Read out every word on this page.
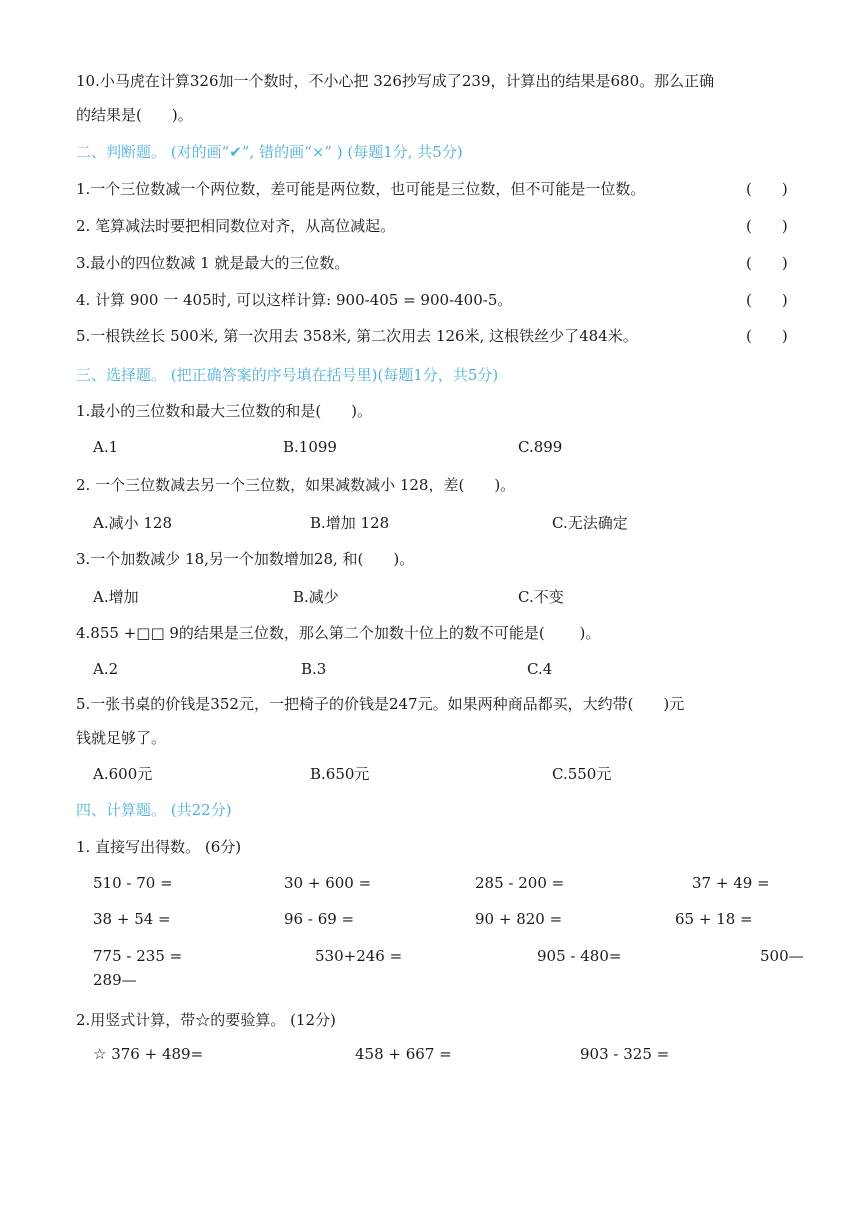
10.小马虎在计算326加一个数时，不小心把 326抄写成了239，计算出的结果是680。那么正确
的结果是(　　)。
二、判断题。 (对的画“✔”, 错的画“×” ) (每题1分, 共5分)
1.一个三位数减一个两位数，差可能是两位数，也可能是三位数，但不可能是一位数。	(　　)
2. 笔算减法时要把相同数位对齐，从高位减起。	(　　)
3.最小的四位数减 1 就是最大的三位数。	(　　)
4. 计算 900 一 405时, 可以这样计算: 900-405 = 900-400-5。	(　　)
5.一根铁丝长 500米, 第一次用去 358米, 第二次用去 126米, 这根铁丝少了484米。	(　　)
三、选择题。 (把正确答案的序号填在括号里)(每题1分，共5分)
1.最小的三位数和最大三位数的和是(　　)。
A.1	B.1099	C.899
2. 一个三位数减去另一个三位数，如果减数减小 128，差(　　)。
A.减小 128	B.增加 128	C.无法确定
3.一个加数减少 18,另一个加数增加28, 和(　　)。
A.增加	B.减少	C.不变
4.855 +□□ 9的结果是三位数，那么第二个加数十位上的数不可能是(　　 )。
A.2	B.3	C.4
5.一张书桌的价钱是352元，一把椅子的价钱是247元。如果两种商品都买，大约带(　　)元
钱就足够了。
A.600元	B.650元	C.550元
四、计算题。 (共22分)
1. 直接写出得数。 (6分)
510 - 70 =	30 + 600 =	285 - 200 =	37 + 49 =
38 + 54 =	96 - 69 =	90 + 820 =	65 + 18 =
775 - 235 =	530+246 =	905 - 480=	500—
289—
2.用竖式计算，带☆的要验算。 (12分)
☆ 376 + 489=	458 + 667 =	903 - 325 =
